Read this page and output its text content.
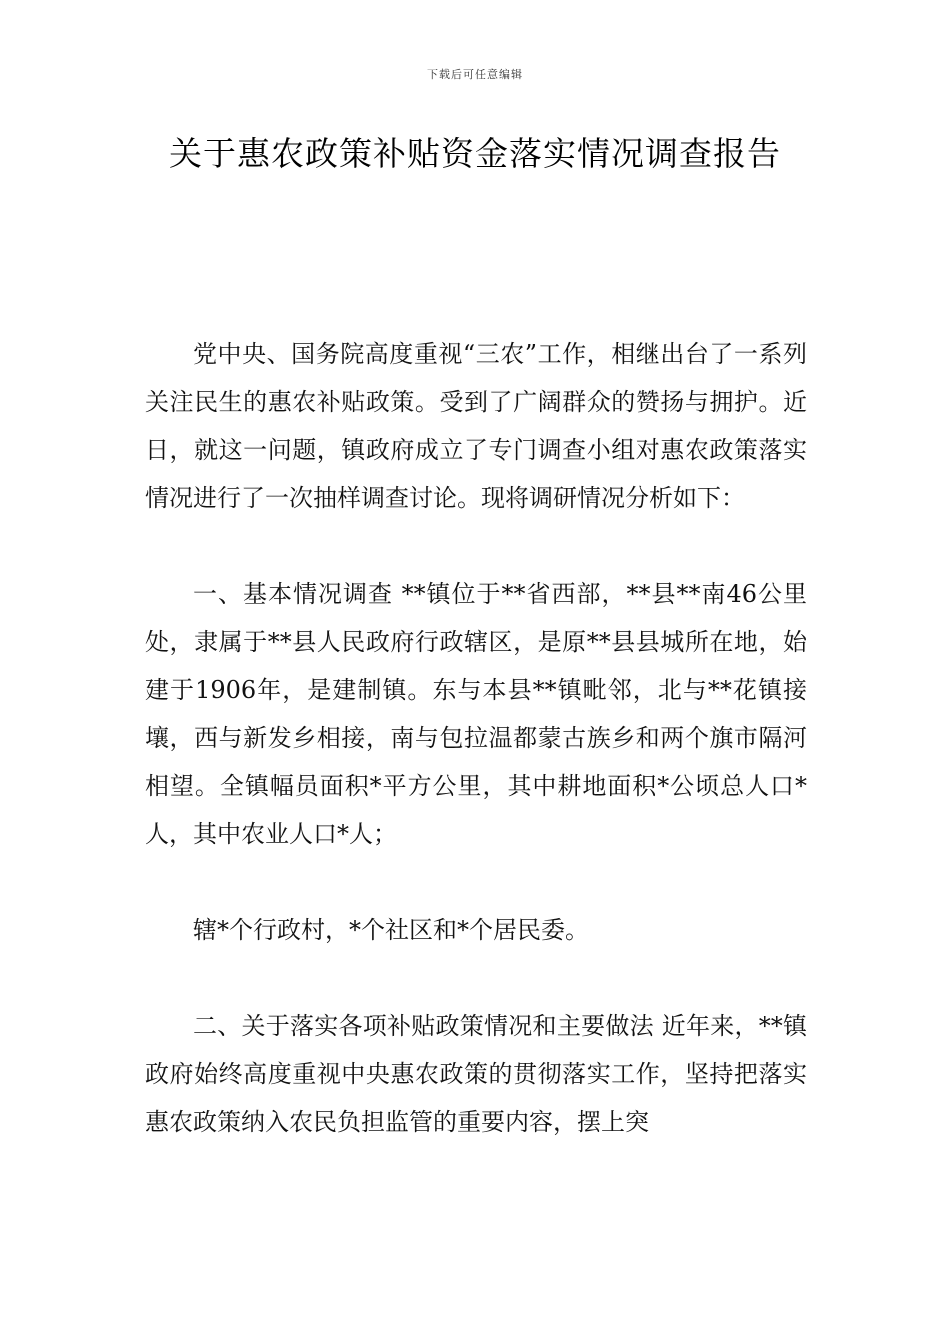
下载后可任意编辑
关于惠农政策补贴资金落实情况调查报告

党中央、国务院高度重视“三农”工作，相继出台了一系列关注民生的惠农补贴政策。受到了广阔群众的赞扬与拥护。近日，就这一问题，镇政府成立了专门调查小组对惠农政策落实情况进行了一次抽样调查讨论。现将调研情况分析如下：

一、基本情况调查 **镇位于**省西部，**县**南46公里处，隶属于**县人民政府行政辖区，是原**县县城所在地，始建于1906年，是建制镇。东与本县**镇毗邻，北与**花镇接壤，西与新发乡相接，南与包拉温都蒙古族乡和两个旗市隔河相望。全镇幅员面积*平方公里，其中耕地面积*公顷总人口*人，其中农业人口*人；

辖*个行政村，*个社区和*个居民委。

二、关于落实各项补贴政策情况和主要做法 近年来，**镇政府始终高度重视中央惠农政策的贯彻落实工作，坚持把落实惠农政策纳入农民负担监管的重要内容，摆上突
